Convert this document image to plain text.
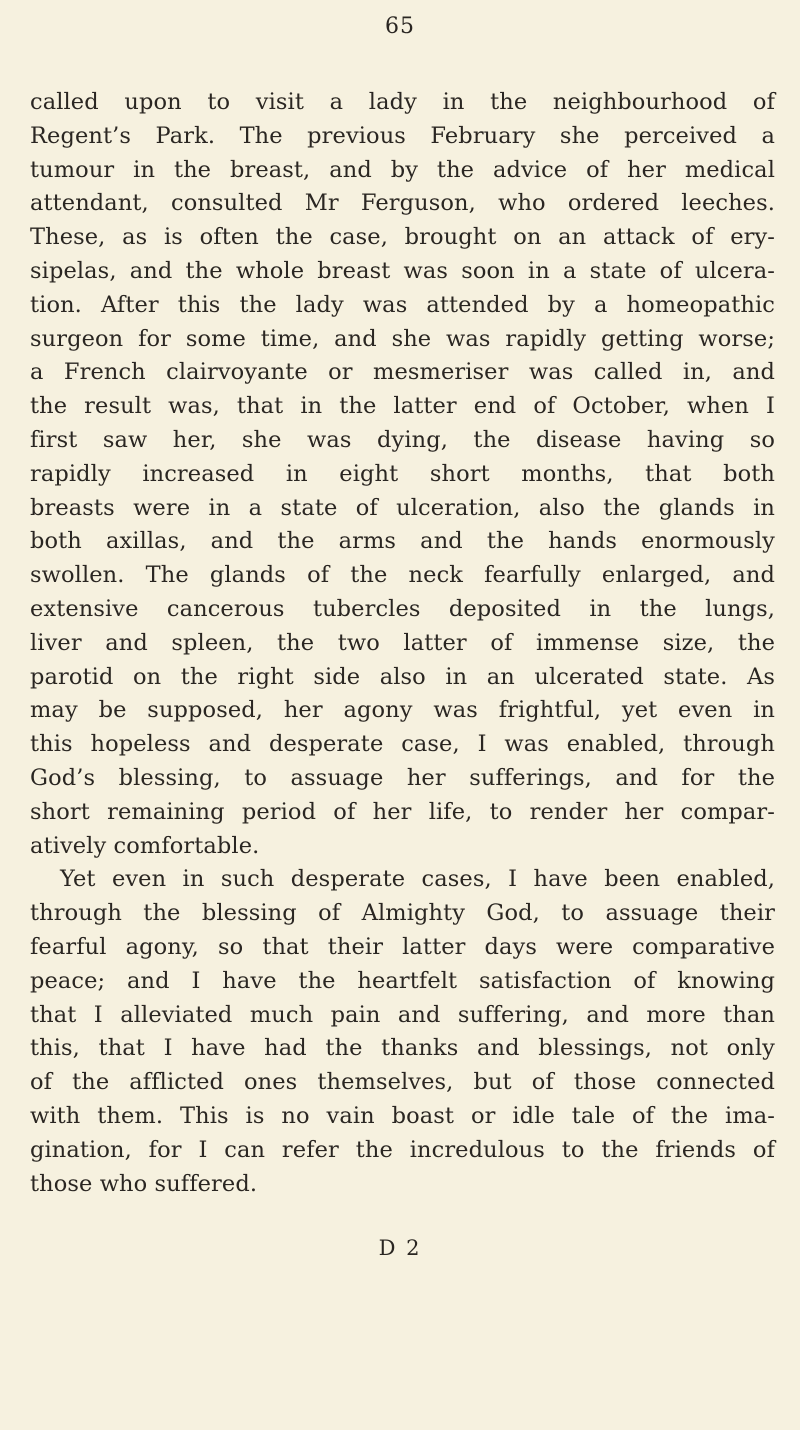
65
called upon to visit a lady in the neighbourhood of
Regent’s Park. The previous February she perceived a
tumour in the breast, and by the advice of her medical
attendant, consulted Mr Ferguson, who ordered leeches.
These, as is often the case, brought on an attack of ery-
sipelas, and the whole breast was soon in a state of ulcera-
tion. After this the lady was attended by a homeopathic
surgeon for some time, and she was rapidly getting worse;
a French clairvoyante or mesmeriser was called in, and
the result was, that in the latter end of October, when I
first saw her, she was dying, the disease having so
rapidly increased in eight short months, that both
breasts were in a state of ulceration, also the glands in
both axillas, and the arms and the hands enormously
swollen. The glands of the neck fearfully enlarged, and
extensive cancerous tubercles deposited in the lungs,
liver and spleen, the two latter of immense size, the
parotid on the right side also in an ulcerated state. As
may be supposed, her agony was frightful, yet even in
this hopeless and desperate case, I was enabled, through
God’s blessing, to assuage her sufferings, and for the
short remaining period of her life, to render her compar-
atively comfortable.
Yet even in such desperate cases, I have been enabled,
through the blessing of Almighty God, to assuage their
fearful agony, so that their latter days were comparative
peace; and I have the heartfelt satisfaction of knowing
that I alleviated much pain and suffering, and more than
this, that I have had the thanks and blessings, not only
of the afflicted ones themselves, but of those connected
with them. This is no vain boast or idle tale of the ima-
gination, for I can refer the incredulous to the friends of
those who suffered.
D 2
